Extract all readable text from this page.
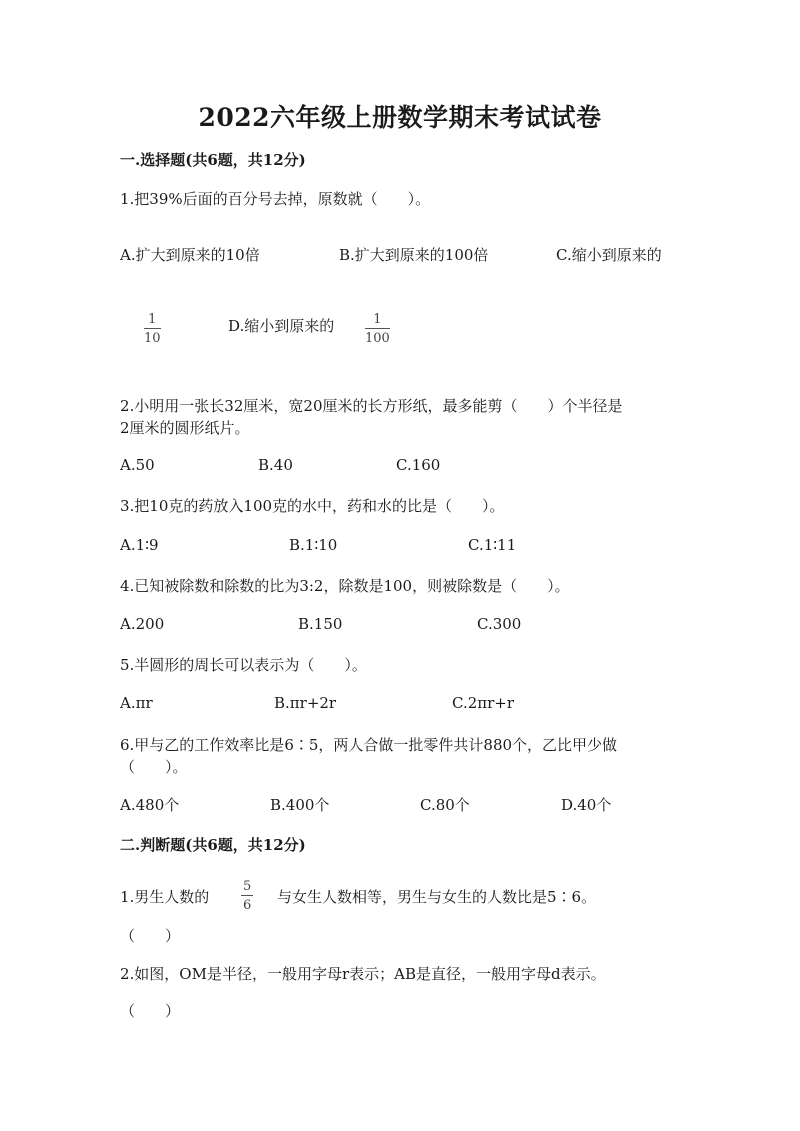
2022六年级上册数学期末考试试卷
一.选择题(共6题，共12分)
1.把39%后面的百分号去掉，原数就（　　）。
A.扩大到原来的10倍	B.扩大到原来的100倍	C.缩小到原来的
1
10
D.缩小到原来的	1
100
2.小明用一张长32厘米，宽20厘米的长方形纸，最多能剪（　　）个半径是
2厘米的圆形纸片。
A.50	B.40	C.160
3.把10克的药放入100克的水中，药和水的比是（　　）。
A.1∶9	B.1∶10	C.1∶11
4.已知被除数和除数的比为3:2，除数是100，则被除数是（　　）。
A.200	B.150	C.300
5.半圆形的周长可以表示为（　　）。
A.πr	B.πr+2r	C.2πr+r
6.甲与乙的工作效率比是6∶5，两人合做一批零件共计880个，乙比甲少做
（　　）。
A.480个	B.400个	C.80个	D.40个
二.判断题(共6题，共12分)
1.男生人数的
5
6 与女生人数相等，男生与女生的人数比是5∶6。
（　　）
2.如图，OM是半径，一般用字母r表示；AB是直径，一般用字母d表示。
（　　）
